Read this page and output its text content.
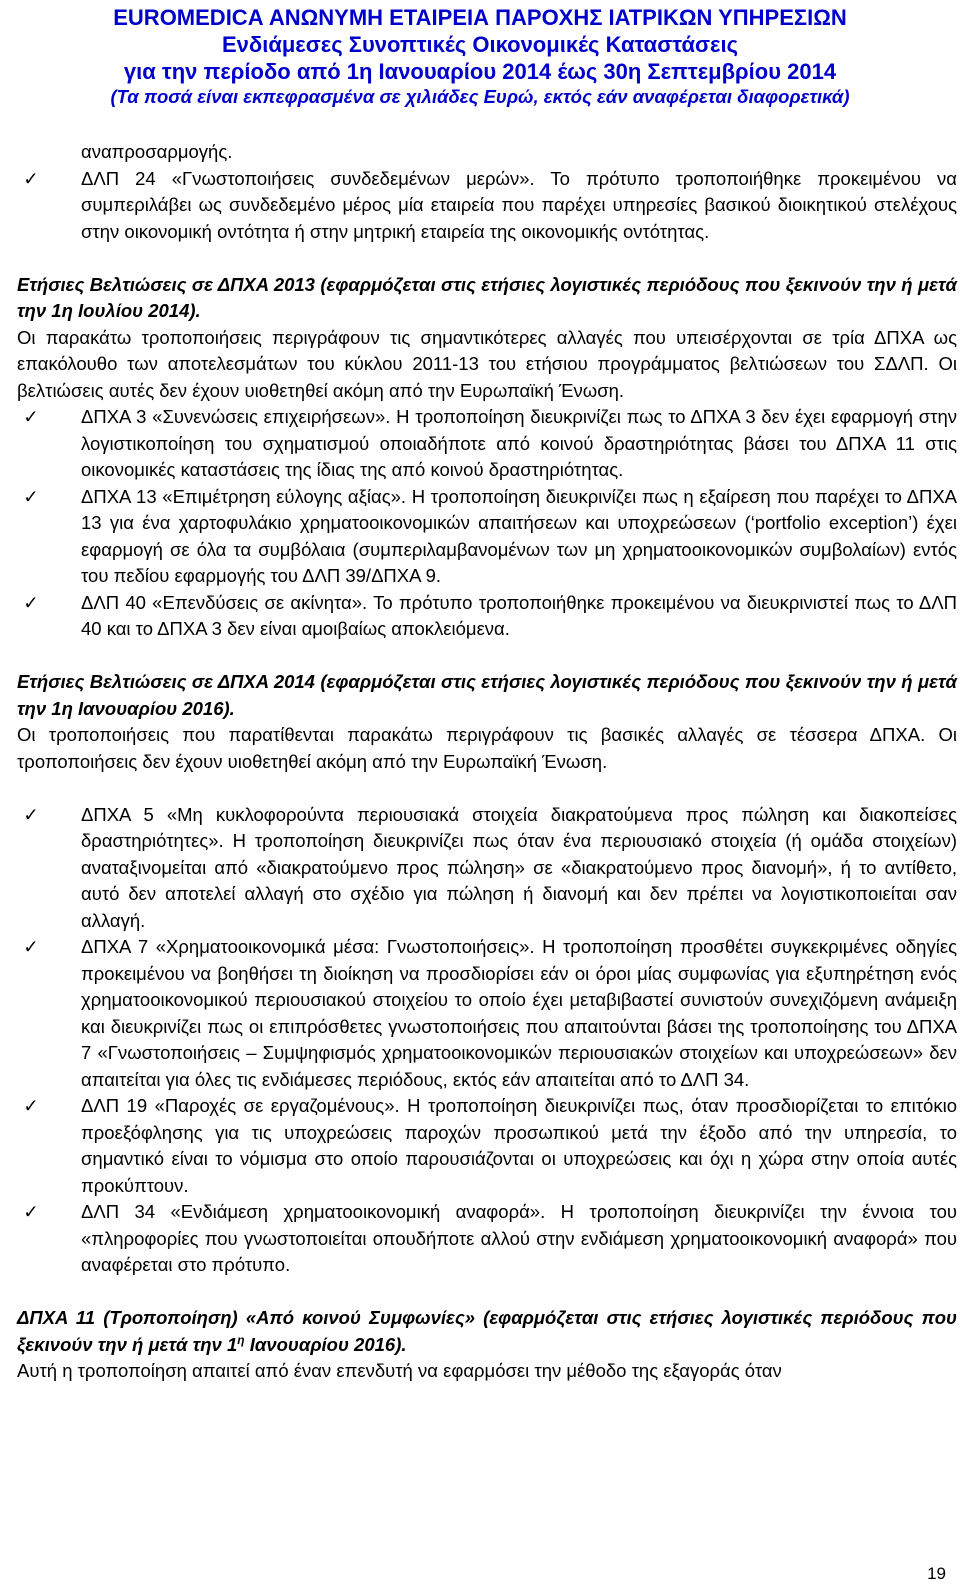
EUROMEDICA ΑΝΩΝΥΜΗ ΕΤΑΙΡΕΙΑ ΠΑΡΟΧΗΣ ΙΑΤΡΙΚΩΝ ΥΠΗΡΕΣΙΩΝ
Ενδιάμεσες Συνοπτικές Οικονομικές Καταστάσεις
για την περίοδο από 1η Ιανουαρίου 2014 έως 30η Σεπτεμβρίου 2014
(Τα ποσά είναι εκπεφρασμένα σε χιλιάδες Ευρώ, εκτός εάν αναφέρεται διαφορετικά)
αναπροσαρμογής.
✓ ΔΛΠ 24 «Γνωστοποιήσεις συνδεδεμένων μερών». Το πρότυπο τροποποιήθηκε προκειμένου να συμπεριλάβει ως συνδεδεμένο μέρος μία εταιρεία που παρέχει υπηρεσίες βασικού διοικητικού στελέχους στην οικονομική οντότητα ή στην μητρική εταιρεία της οικονομικής οντότητας.
Ετήσιες Βελτιώσεις σε ΔΠΧΑ 2013 (εφαρμόζεται στις ετήσιες λογιστικές περιόδους που ξεκινούν την ή μετά την 1η Ιουλίου 2014).
Οι παρακάτω τροποποιήσεις περιγράφουν τις σημαντικότερες αλλαγές που υπεισέρχονται σε τρία ΔΠΧΑ ως επακόλουθο των αποτελεσμάτων του κύκλου 2011-13 του ετήσιου προγράμματος βελτιώσεων του ΣΔΛΠ. Οι βελτιώσεις αυτές δεν έχουν υιοθετηθεί ακόμη από την Ευρωπαϊκή Ένωση.
✓ ΔΠΧΑ 3 «Συνενώσεις επιχειρήσεων». Η τροποποίηση διευκρινίζει πως το ΔΠΧΑ 3 δεν έχει εφαρμογή στην λογιστικοποίηση του σχηματισμού οποιαδήποτε από κοινού δραστηριότητας βάσει του ΔΠΧΑ 11 στις οικονομικές καταστάσεις της ίδιας της από κοινού δραστηριότητας.
✓ ΔΠΧΑ 13 «Επιμέτρηση εύλογης αξίας». Η τροποποίηση διευκρινίζει πως η εξαίρεση που παρέχει το ΔΠΧΑ 13 για ένα χαρτοφυλάκιο χρηματοοικονομικών απαιτήσεων και υποχρεώσεων (‘portfolio exception’) έχει εφαρμογή σε όλα τα συμβόλαια (συμπεριλαμβανομένων των μη χρηματοοικονομικών συμβολαίων) εντός του πεδίου εφαρμογής του ΔΛΠ 39/ΔΠΧΑ 9.
✓ ΔΛΠ 40 «Επενδύσεις σε ακίνητα». Το πρότυπο τροποποιήθηκε προκειμένου να διευκρινιστεί πως το ΔΛΠ 40 και το ΔΠΧΑ 3 δεν είναι αμοιβαίως αποκλειόμενα.
Ετήσιες Βελτιώσεις σε ΔΠΧΑ 2014 (εφαρμόζεται στις ετήσιες λογιστικές περιόδους που ξεκινούν την ή μετά την 1η Ιανουαρίου 2016).
Οι τροποποιήσεις που παρατίθενται παρακάτω περιγράφουν τις βασικές αλλαγές σε τέσσερα ΔΠΧΑ. Οι τροποποιήσεις δεν έχουν υιοθετηθεί ακόμη από την Ευρωπαϊκή Ένωση.
✓ ΔΠΧΑ 5 «Μη κυκλοφορούντα περιουσιακά στοιχεία διακρατούμενα προς πώληση και διακοπείσες δραστηριότητες». Η τροποποίηση διευκρινίζει πως όταν ένα περιουσιακό στοιχεία (ή ομάδα στοιχείων) αναταξινομείται από «διακρατούμενο προς πώληση» σε «διακρατούμενο προς διανομή», ή το αντίθετο, αυτό δεν αποτελεί αλλαγή στο σχέδιο για πώληση ή διανομή και δεν πρέπει να λογιστικοποιείται σαν αλλαγή.
✓ ΔΠΧΑ 7 «Χρηματοοικονομικά μέσα: Γνωστοποιήσεις». Η τροποποίηση προσθέτει συγκεκριμένες οδηγίες προκειμένου να βοηθήσει τη διοίκηση να προσδιορίσει εάν οι όροι μίας συμφωνίας για εξυπηρέτηση ενός χρηματοοικονομικού περιουσιακού στοιχείου το οποίο έχει μεταβιβαστεί συνιστούν συνεχιζόμενη ανάμειξη και διευκρινίζει πως οι επιπρόσθετες γνωστοποιήσεις που απαιτούνται βάσει της τροποποίησης του ΔΠΧΑ 7 «Γνωστοποιήσεις – Συμψηφισμός χρηματοοικονομικών περιουσιακών στοιχείων και υποχρεώσεων» δεν απαιτείται για όλες τις ενδιάμεσες περιόδους, εκτός εάν απαιτείται από το ΔΛΠ 34.
✓ ΔΛΠ 19 «Παροχές σε εργαζομένους». Η τροποποίηση διευκρινίζει πως, όταν προσδιορίζεται το επιτόκιο προεξόφλησης για τις υποχρεώσεις παροχών προσωπικού μετά την έξοδο από την υπηρεσία, το σημαντικό είναι το νόμισμα στο οποίο παρουσιάζονται οι υποχρεώσεις και όχι η χώρα στην οποία αυτές προκύπτουν.
✓ ΔΛΠ 34 «Ενδιάμεση χρηματοοικονομική αναφορά». Η τροποποίηση διευκρινίζει την έννοια του «πληροφορίες που γνωστοποιείται οπουδήποτε αλλού στην ενδιάμεση χρηματοοικονομική αναφορά» που αναφέρεται στο πρότυπο.
ΔΠΧΑ 11 (Τροποποίηση) «Από κοινού Συμφωνίες» (εφαρμόζεται στις ετήσιες λογιστικές περιόδους που ξεκινούν την ή μετά την $1^\eta$ Ιανουαρίου 2016).
Αυτή η τροποποίηση απαιτεί από έναν επενδυτή να εφαρμόσει την μέθοδο της εξαγοράς όταν
19
